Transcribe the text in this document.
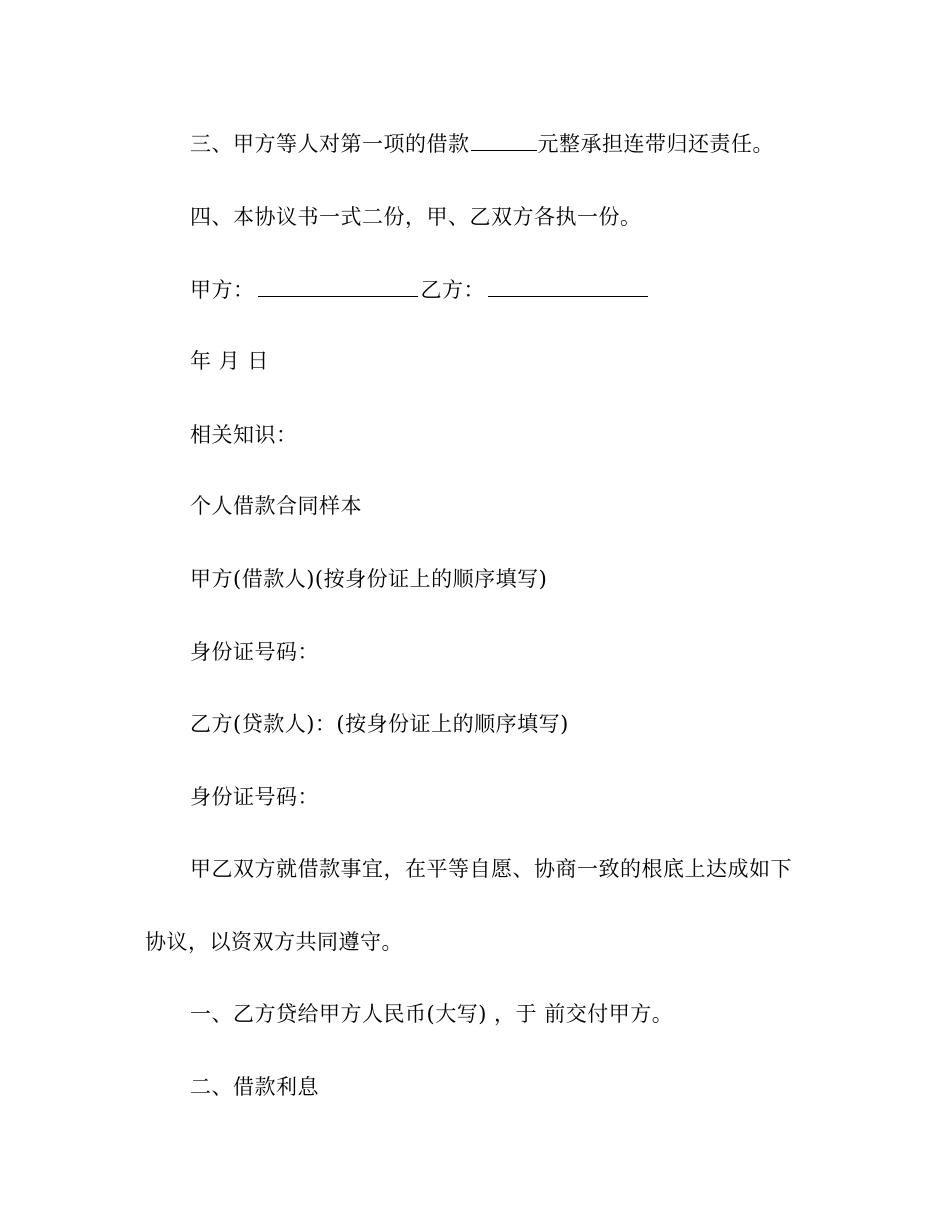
三、甲方等人对第一项的借款	元整承担连带归还责任。
四、本协议书一式二份，甲、乙双方各执一份。
甲方：	乙方：
年 月 日
相关知识：
个人借款合同样本
甲方(借款人)(按身份证上的顺序填写)
身份证号码：
乙方(贷款人)：(按身份证上的顺序填写)
身份证号码：
甲乙双方就借款事宜，在平等自愿、协商一致的根底上达成如下
协议，以资双方共同遵守。
一、乙方贷给甲方人民币(大写) ，于 前交付甲方。
二、借款利息
